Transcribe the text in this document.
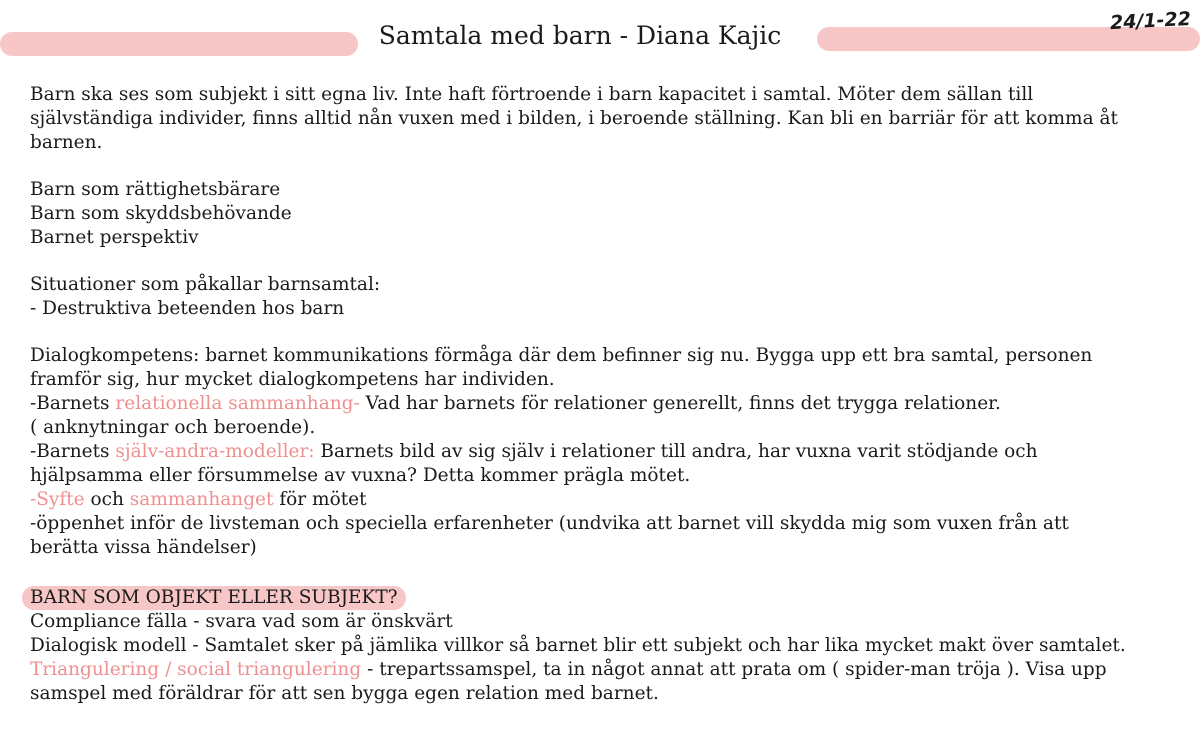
Samtala med barn - Diana Kajic
24/1-22

Barn ska ses som subjekt i sitt egna liv. Inte haft förtroende i barn kapacitet i samtal. Möter dem sällan till

självständiga individer, finns alltid nån vuxen med i bilden, i beroende ställning. Kan bli en barriär för att komma åt

barnen.

Barn som rättighetsbärare

Barn som skyddsbehövande

Barnet perspektiv

Situationer som påkallar barnsamtal:

- Destruktiva beteenden hos barn

Dialogkompetens: barnet kommunikations förmåga där dem befinner sig nu. Bygga upp ett bra samtal, personen

framför sig, hur mycket dialogkompetens har individen.

-Barnets relationella sammanhang- Vad har barnets för relationer generellt, finns det trygga relationer.

( anknytningar och beroende).

-Barnets själv-andra-modeller: Barnets bild av sig själv i relationer till andra, har vuxna varit stödjande och

hjälpsamma eller försummelse av vuxna? Detta kommer prägla mötet.

-Syfte och sammanhanget för mötet

-öppenhet inför de livsteman och speciella erfarenheter (undvika att barnet vill skydda mig som vuxen från att

berätta vissa händelser)

BARN SOM OBJEKT ELLER SUBJEKT?

Compliance fälla - svara vad som är önskvärt

Dialogisk modell - Samtalet sker på jämlika villkor så barnet blir ett subjekt och har lika mycket makt över samtalet.

Triangulering / social triangulering - trepartssamspel, ta in något annat att prata om ( spider-man tröja ). Visa upp

samspel med föräldrar för att sen bygga egen relation med barnet.
